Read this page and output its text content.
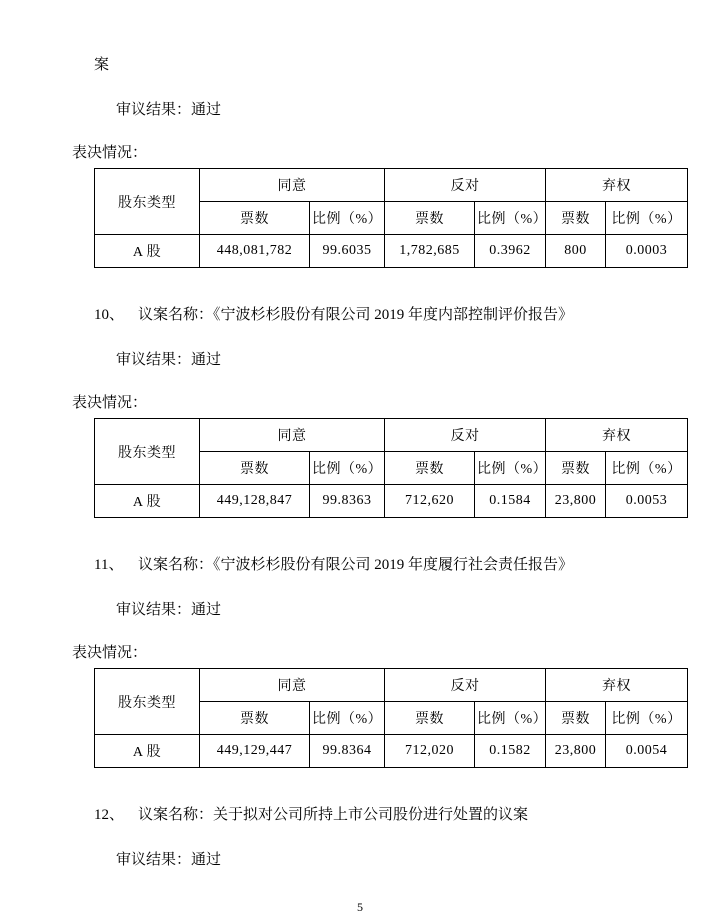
案
审议结果：通过
表决情况：
股东类型	同意		反对		弃权	
	票数	比例（%）	票数	比例（%）	票数	比例（%）
A 股	448,081,782	99.6035	1,782,685	0.3962	800	0.0003
10、 议案名称：《宁波杉杉股份有限公司 2019 年度内部控制评价报告》
审议结果：通过
表决情况：
股东类型	同意		反对		弃权	
	票数	比例（%）	票数	比例（%）	票数	比例（%）
A 股	449,128,847	99.8363	712,620	0.1584	23,800	0.0053
11、 议案名称：《宁波杉杉股份有限公司 2019 年度履行社会责任报告》
审议结果：通过
表决情况：
股东类型	同意		反对		弃权	
	票数	比例（%）	票数	比例（%）	票数	比例（%）
A 股	449,129,447	99.8364	712,020	0.1582	23,800	0.0054
12、 议案名称：关于拟对公司所持上市公司股份进行处置的议案
审议结果：通过
5
